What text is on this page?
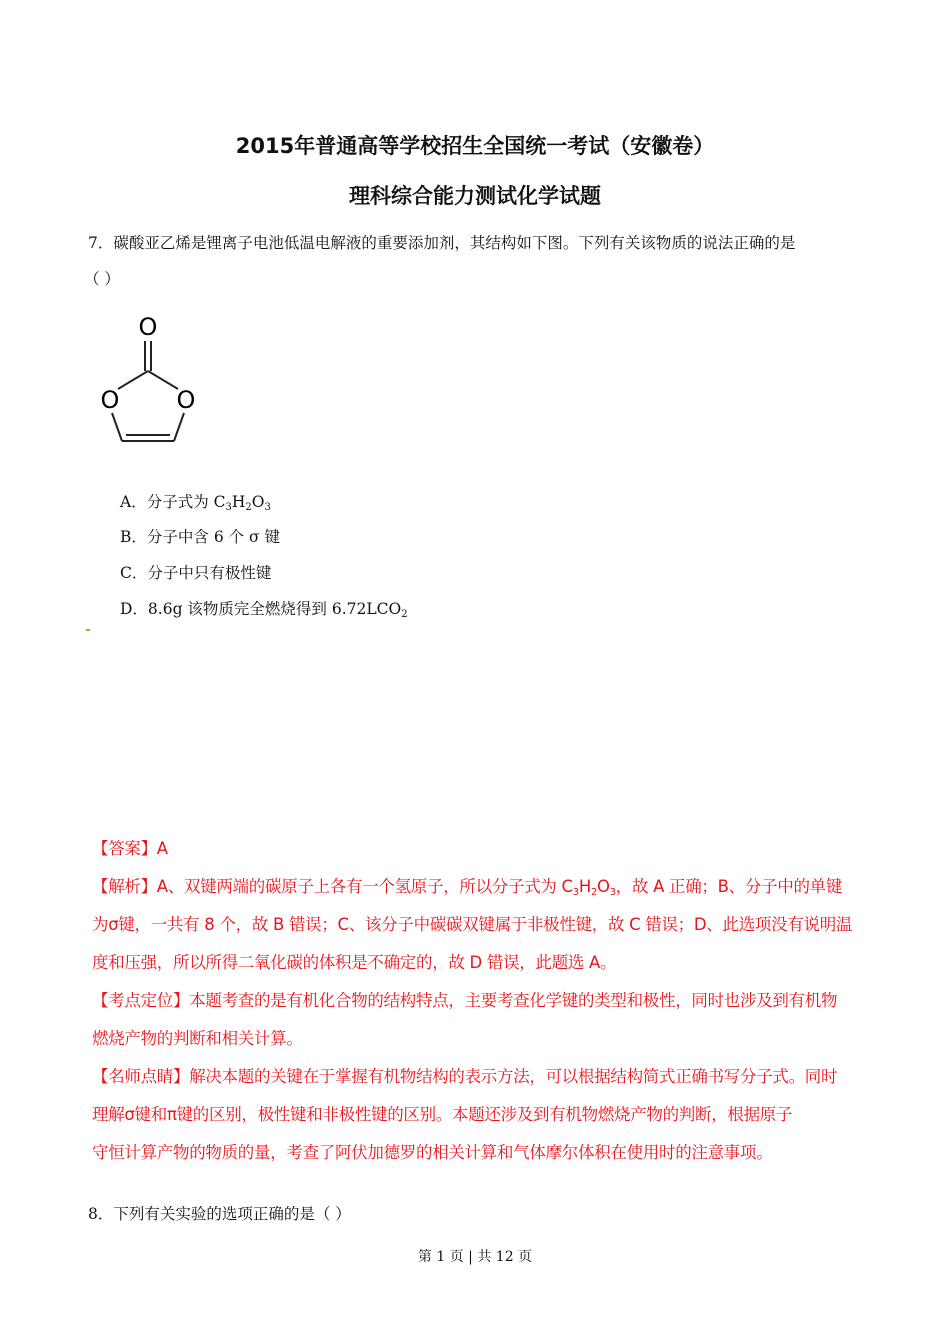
2015年普通高等学校招生全国统一考试（安徽卷）
理科综合能力测试化学试题
7．碳酸亚乙烯是锂离子电池低温电解液的重要添加剂，其结构如下图。下列有关该物质的说法正确的是
（ ）
O
O O
A．分子式为 $C_3H_2O_3$
B．分子中含 6 个 σ 键
C．分子中只有极性键
D．8.6g 该物质完全燃烧得到 $6.72LCO_2$
【答案】A
【解析】A、双键两端的碳原子上各有一个氢原子，所以分子式为 $C_3H_2O_3$，故 A 正确；B、分子中的单键
为σ键，一共有 8 个，故 B 错误；C、该分子中碳碳双键属于非极性键，故 C 错误；D、此选项没有说明温
度和压强，所以所得二氧化碳的体积是不确定的，故 D 错误，此题选 A。
【考点定位】本题考查的是有机化合物的结构特点，主要考查化学键的类型和极性，同时也涉及到有机物
燃烧产物的判断和相关计算。
【名师点睛】解决本题的关键在于掌握有机物结构的表示方法，可以根据结构简式正确书写分子式。同时
理解σ键和π键的区别，极性键和非极性键的区别。本题还涉及到有机物燃烧产物的判断，根据原子
守恒计算产物的物质的量，考查了阿伏加德罗的相关计算和气体摩尔体积在使用时的注意事项。
8．下列有关实验的选项正确的是（ ）
第 1 页 | 共 12 页
